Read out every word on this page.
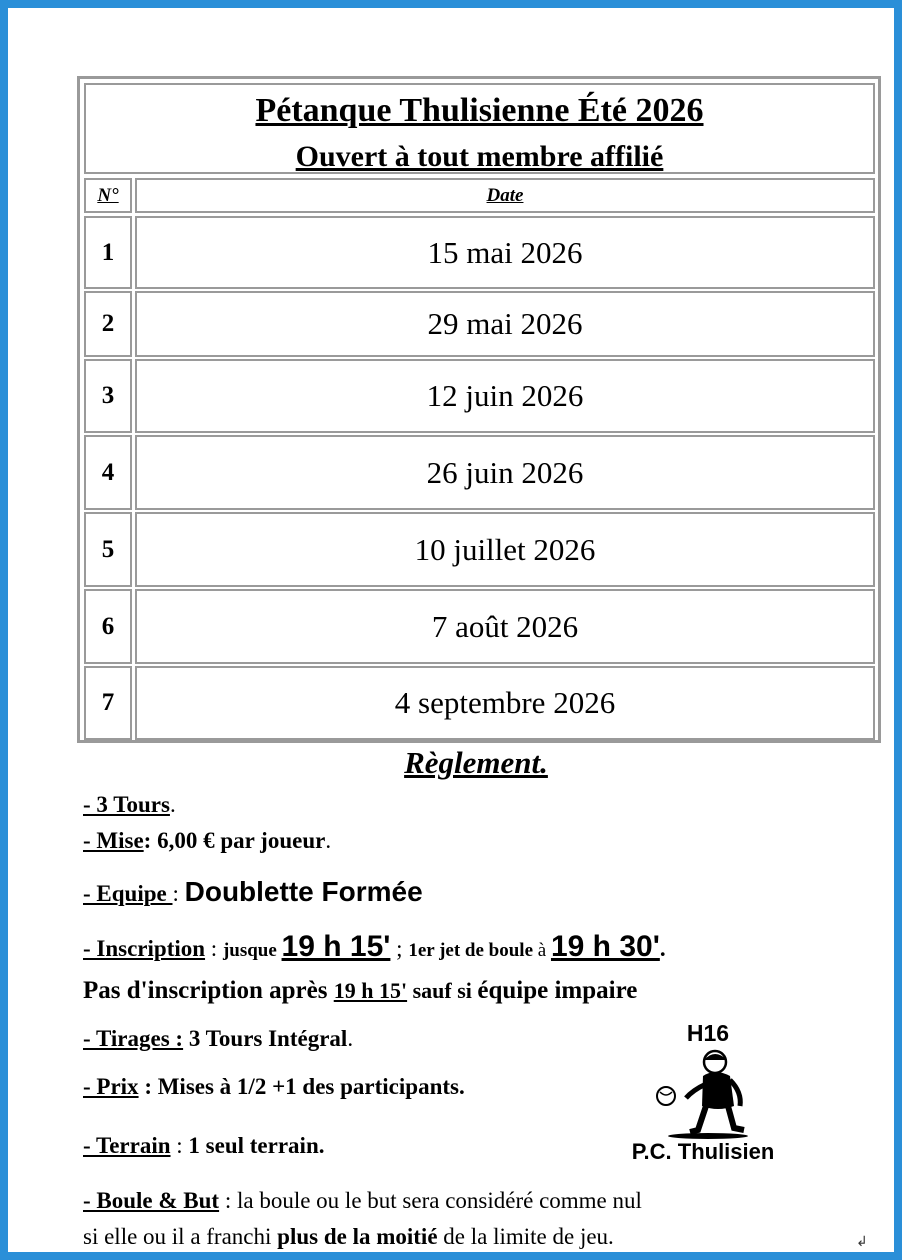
Pétanque Thulisienne Été 2026
Ouvert à tout membre affilié
N°	Date
1	15 mai 2026
2	29 mai 2026
3	12 juin 2026
4	26 juin 2026
5	10 juillet 2026
6	7 août 2026
7	4 septembre 2026
Règlement.
- 3 Tours.
- Mise: 6,00 € par joueur.
- Equipe : Doublette Formée
- Inscription : jusque 19 h 15' ; 1er jet de boule à 19 h 30'.
Pas d'inscription après 19 h 15' sauf si équipe impaire
- Tirages : 3 Tours Intégral.
- Prix : Mises à 1/2 +1 des participants.
- Terrain : 1 seul terrain.
- Boule & But : la boule ou le but sera considéré comme nul
si elle ou il a franchi plus de la moitié de la limite de jeu.
H16
P.C. Thulisien
↲
